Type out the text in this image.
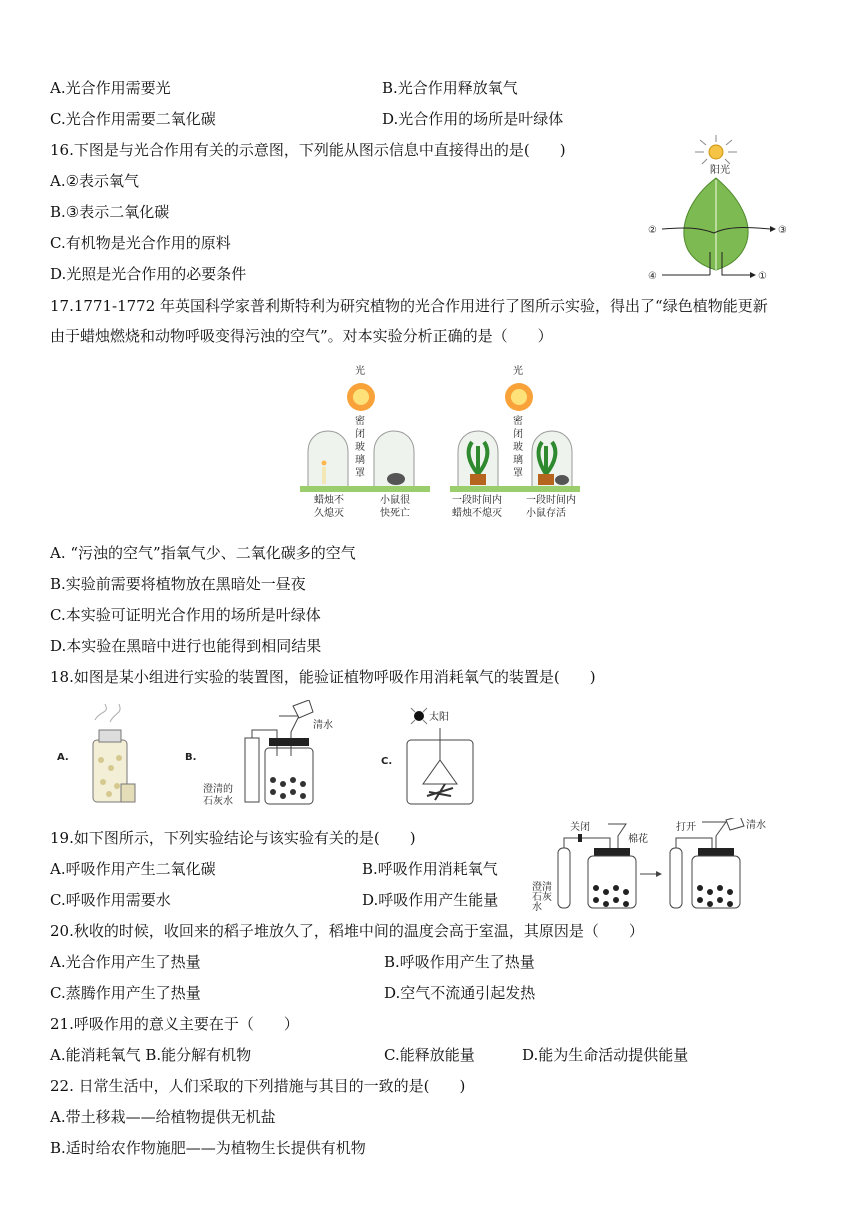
A.光合作用需要光	B.光合作用释放氧气
C.光合作用需要二氧化碳	D.光合作用的场所是叶绿体
16.下图是与光合作用有关的示意图，下列能从图示信息中直接得出的是(　　)
A.②表示氧气
B.③表示二氧化碳
C.有机物是光合作用的原料
D.光照是光合作用的必要条件
阳光
②	③
④	①
17.1771-1772 年英国科学家普利斯特利为研究植物的光合作用进行了图所示实验，得出了“绿色植物能更新
由于蜡烛燃烧和动物呼吸变得污浊的空气”。对本实验分析正确的是（　　）
光
密
闭
玻
璃
罩
蜡烛不
久熄灭
小鼠很
快死亡
光
密
闭
玻
璃
罩
一段时间内
蜡烛不熄灭
一段时间内
小鼠存活
A. “污浊的空气”指氧气少、二氧化碳多的空气
B.实验前需要将植物放在黑暗处一昼夜
C.本实验可证明光合作用的场所是叶绿体
D.本实验在黑暗中进行也能得到相同结果
18.如图是某小组进行实验的装置图，能验证植物呼吸作用消耗氧气的装置是(　　)
A.	B.
清水
澄清的
石灰水
C.
太阳
19.如下图所示，下列实验结论与该实验有关的是(　　)
A.呼吸作用产生二氧化碳	B.呼吸作用消耗氧气
C.呼吸作用需要水	D.呼吸作用产生能量
关闭
棉花
打开	清水
澄清
石灰
水
20.秋收的时候，收回来的稻子堆放久了，稻堆中间的温度会高于室温，其原因是（　　）
A.光合作用产生了热量	B.呼吸作用产生了热量
C.蒸腾作用产生了热量	D.空气不流通引起发热
21.呼吸作用的意义主要在于（　　）
A.能消耗氧气 B.能分解有机物	C.能释放能量	D.能为生命活动提供能量
22. 日常生活中，人们采取的下列措施与其目的一致的是(　　)
A.带土移栽——给植物提供无机盐
B.适时给农作物施肥——为植物生长提供有机物
